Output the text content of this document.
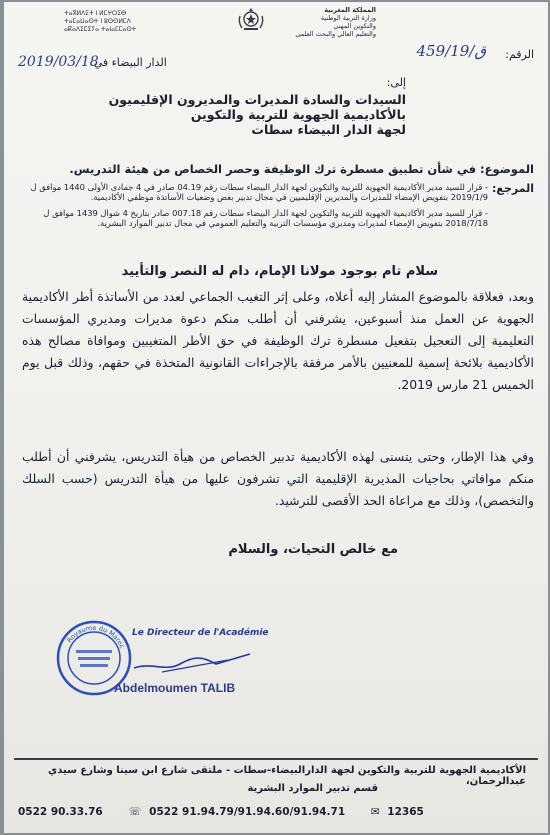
ⵜⴰⴳⵍⴷⵉⵜ ⵏ ⵍⵎⵖⵔⵉⴱ
ⵜⴰⵎⴰⵡⴰⵙⵜ ⵏ ⵓⵙⵙⵍⵎⴷ
ⴰⴽⴰⴷⵉⵎⵉⵢⴰ ⵜⴰⵏⴰⵎⵎⴰⵙⵜ
المملكة المغربية
وزارة التربية الوطنية
والتكوين المهني
والتعليم العالي والبحث العلمي
الرقم:
ق/459/19
الدار البيضاء في:
2019/03/18
إلى:
السيدات والسادة المديرات والمديرون الإقليميون
بالأكاديمية الجهوية للتربية والتكوين
لجهة الدار البيضاء سطات
الموضوع: في شأن تطبيق مسطرة ترك الوظيفة وحصر الخصاص من هيئة التدريس.
المرجع:

- قرار للسيد مدير الأكاديمية الجهوية للتربية والتكوين لجهة الدار البيضاء سطات رقم 04.19 صادر في 4 جمادى الأولى 1440 موافق ل 2019/1/9 بتفويض الإمضاء للمديرات والمديرين الإقليميين في مجال تدبير بعض وضعيات الأساتذة موظفي الأكاديمية.

- قرار للسيد مدير الأكاديمية الجهوية للتربية والتكوين لجهة الدار البيضاء سطات رقم 007.18 صادر بتاريخ 4 شوال 1439 موافق ل 2018/7/18 بتفويض الإمضاء لمديرات ومديري مؤسسات التربية والتعليم العمومي في مجال تدبير الموارد البشرية.

سلام تام بوجود مولانا الإمام، دام له النصر والتأييد
وبعد، فعلاقة بالموضوع المشار إليه أعلاه، وعلى إثر التغيب الجماعي لعدد من الأساتذة أطر الأكاديمية الجهوية عن العمل منذ أسبوعين، يشرفني أن أطلب منكم دعوة مديرات ومديري المؤسسات التعليمية إلى التعجيل بتفعيل مسطرة ترك الوظيفة في حق الأطر المتغيبين وموافاة مصالح هذه الأكاديمية بلائحة إسمية للمعنيين بالأمر مرفقة بالإجراءات القانونية المتخذة في حقهم، وذلك قبل يوم الخميس 21 مارس 2019.
وفي هذا الإطار، وحتى يتسنى لهذه الأكاديمية تدبير الخصاص من هيأة التدريس، يشرفني أن أطلب منكم موافاتي بحاجيات المديرية الإقليمية التي تشرفون عليها من هيأة التدريس (حسب السلك والتخصص)، وذلك مع مراعاة الحد الأقصى للترشيد.
مع خالص التحيات، والسلام
Royaume du Maroc
Le Directeur de l'Académie
Abdelmoumen TALIB
الأكاديمية الجهوية للتربية والتكوين لجهة الدارالبيضاء-سطات - ملتقى شارع ابن سينا وشارع سيدي عبدالرحمان،
قسم تدبير الموارد البشرية
0522 90.33.76 ☏ 0522 91.94.79/91.94.60/91.94.71 ✉ 12365
